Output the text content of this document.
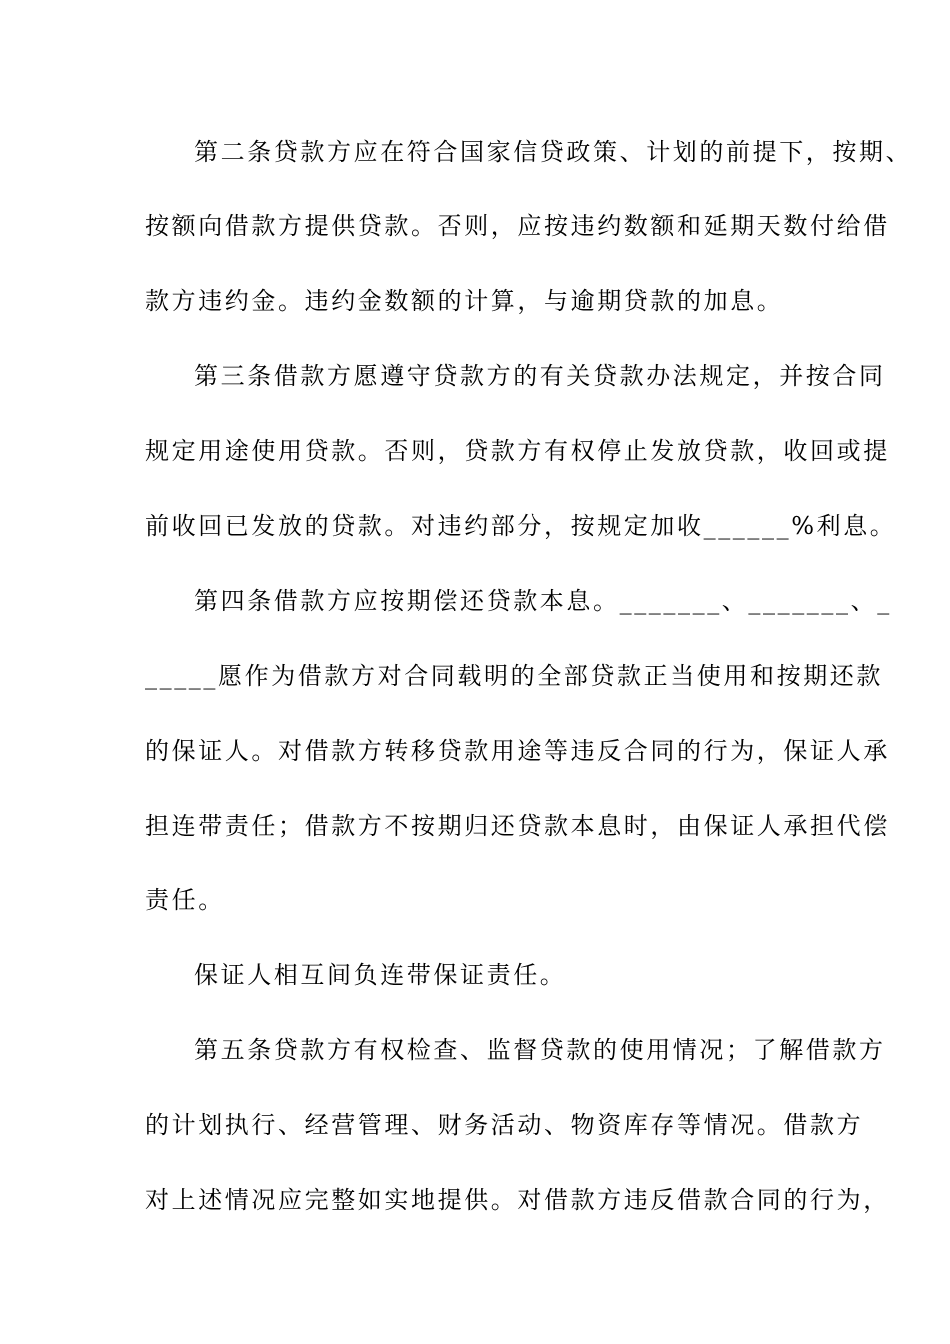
第二条贷款方应在符合国家信贷政策、计划的前提下，按期、
按额向借款方提供贷款。否则，应按违约数额和延期天数付给借
款方违约金。违约金数额的计算，与逾期贷款的加息。
第三条借款方愿遵守贷款方的有关贷款办法规定，并按合同
规定用途使用贷款。否则，贷款方有权停止发放贷款，收回或提
前收回已发放的贷款。对违约部分，按规定加收______%利息。
第四条借款方应按期偿还贷款本息。_______、_______、_
_____愿作为借款方对合同载明的全部贷款正当使用和按期还款
的保证人。对借款方转移贷款用途等违反合同的行为，保证人承
担连带责任；借款方不按期归还贷款本息时，由保证人承担代偿
责任。
保证人相互间负连带保证责任。
第五条贷款方有权检查、监督贷款的使用情况；了解借款方
的计划执行、经营管理、财务活动、物资库存等情况。借款方
对上述情况应完整如实地提供。对借款方违反借款合同的行为，
